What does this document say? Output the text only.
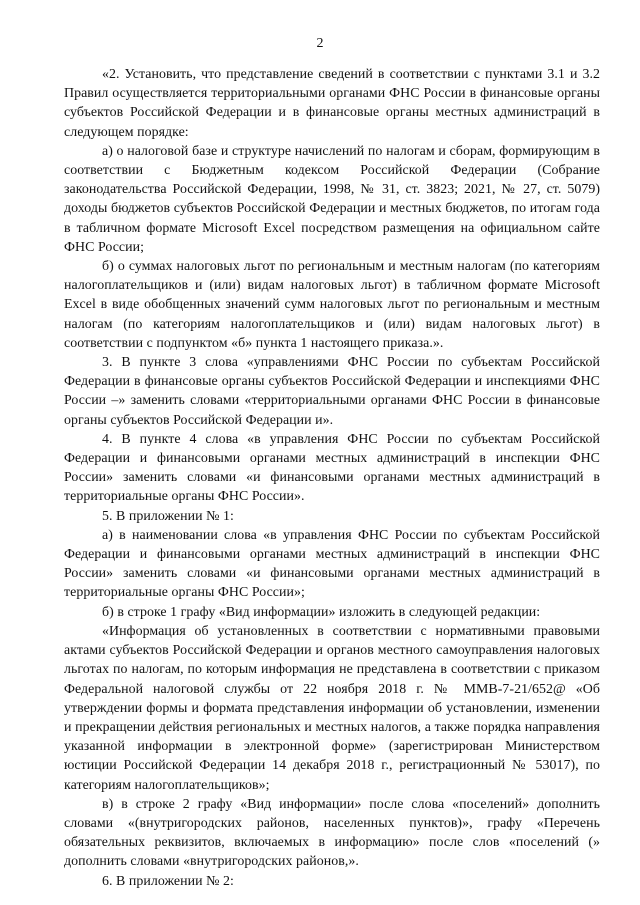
2

«2. Установить, что представление сведений в соответствии с пунктами 3.1 и 3.2 Правил осуществляется территориальными органами ФНС России в финансовые органы субъектов Российской Федерации и в финансовые органы местных администраций в следующем порядке:

а) о налоговой базе и структуре начислений по налогам и сборам, формирующим в соответствии с Бюджетным кодексом Российской Федерации (Собрание законодательства Российской Федерации, 1998, № 31, ст. 3823; 2021, № 27, ст. 5079) доходы бюджетов субъектов Российской Федерации и местных бюджетов, по итогам года в табличном формате Microsoft Excel посредством размещения на официальном сайте ФНС России;

б) о суммах налоговых льгот по региональным и местным налогам (по категориям налогоплательщиков и (или) видам налоговых льгот) в табличном формате Microsoft Excel в виде обобщенных значений сумм налоговых льгот по региональным и местным налогам (по категориям налогоплательщиков и (или) видам налоговых льгот) в соответствии с подпунктом «б» пункта 1 настоящего приказа.».

3. В пункте 3 слова «управлениями ФНС России по субъектам Российской Федерации в финансовые органы субъектов Российской Федерации и инспекциями ФНС России –» заменить словами «территориальными органами ФНС России в финансовые органы субъектов Российской Федерации и».

4. В пункте 4 слова «в управления ФНС России по субъектам Российской Федерации и финансовыми органами местных администраций в инспекции ФНС России» заменить словами «и финансовыми органами местных администраций в территориальные органы ФНС России».

5. В приложении № 1:

а) в наименовании слова «в управления ФНС России по субъектам Российской Федерации и финансовыми органами местных администраций в инспекции ФНС России» заменить словами «и финансовыми органами местных администраций в территориальные органы ФНС России»;

б) в строке 1 графу «Вид информации» изложить в следующей редакции:

«Информация об установленных в соответствии с нормативными правовыми актами субъектов Российской Федерации и органов местного самоуправления налоговых льготах по налогам, по которым информация не представлена в соответствии с приказом Федеральной налоговой службы от 22 ноября 2018 г. № ММВ-7-21/652@ «Об утверждении формы и формата представления информации об установлении, изменении и прекращении действия региональных и местных налогов, а также порядка направления указанной информации в электронной форме» (зарегистрирован Министерством юстиции Российской Федерации 14 декабря 2018 г., регистрационный № 53017), по категориям налогоплательщиков»;

в) в строке 2 графу «Вид информации» после слова «поселений» дополнить словами «(внутригородских районов, населенных пунктов)», графу «Перечень обязательных реквизитов, включаемых в информацию» после слов «поселений (» дополнить словами «внутригородских районов,».

6. В приложении № 2:
